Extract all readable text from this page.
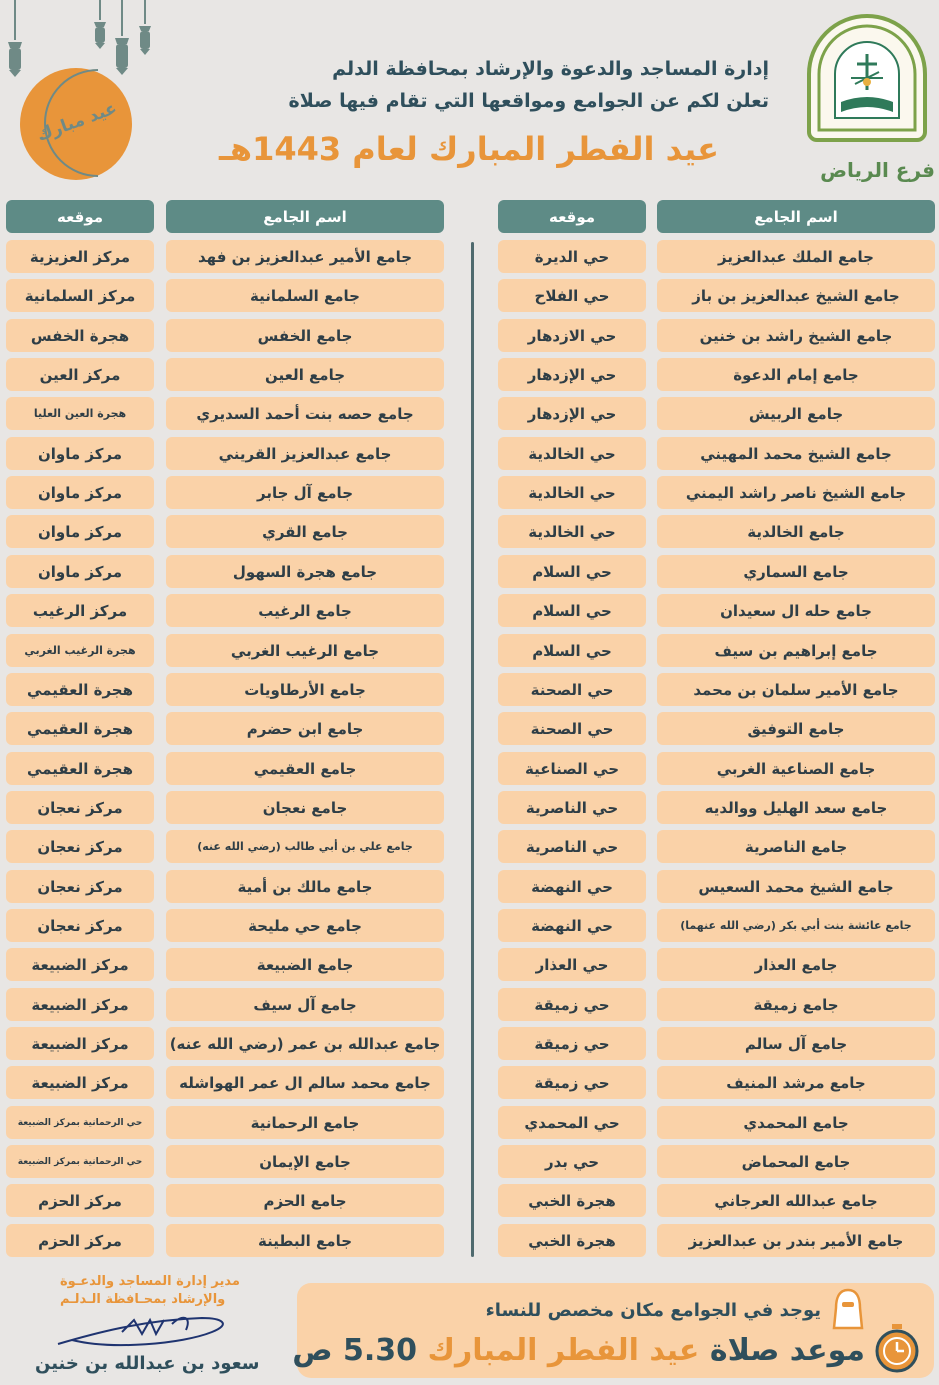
عيد مبارك
إدارة المساجد والدعوة والإرشاد بمحافظة الدلم
تعلن لكم عن الجوامع ومواقعها التي تقام فيها صلاة
عيد الفطر المبارك لعام 1443هـ
فرع الرياض
موقعه	اسم الجامع	موقعه	اسم الجامع
مركز العزيزية	جامع الأمير عبدالعزيز بن فهد
مركز السلمانية	جامع السلمانية
هجرة الخفس	جامع الخفس
مركز العين	جامع العين
هجرة العين العليا	جامع حصه بنت أحمد السديري
مركز ماوان	جامع عبدالعزيز القريني
مركز ماوان	جامع آل جابر
مركز ماوان	جامع القري
مركز ماوان	جامع هجرة السهول
مركز الرغيب	جامع الرغيب
هجرة الرغيب الغربي	جامع الرغيب الغربي
هجرة العقيمي	جامع الأرطاويات
هجرة العقيمي	جامع ابن حضرم
هجرة العقيمي	جامع العقيمي
مركز نعجان	جامع نعجان
مركز نعجان	جامع علي بن أبي طالب (رضي الله عنه)
مركز نعجان	جامع مالك بن أمية
مركز نعجان	جامع حي مليحة
مركز الضبيعة	جامع الضبيعة
مركز الضبيعة	جامع آل سيف
مركز الضبيعة	جامع عبدالله بن عمر (رضي الله عنه)
مركز الضبيعة	جامع محمد سالم ال عمر الهواشله
حي الرحمانية بمركز الضبيعة	جامع الرحمانية
حي الرحمانية بمركز الضبيعة	جامع الإيمان
مركز الحزم	جامع الحزم
مركز الحزم	جامع البطينة
حي الديرة	جامع الملك عبدالعزيز
حي الفلاح	جامع الشيخ عبدالعزيز بن باز
حي الازدهار	جامع الشيخ راشد بن خنين
حي الإزدهار	جامع إمام الدعوة
حي الإزدهار	جامع الربيش
حي الخالدية	جامع الشيخ محمد المهيني
حي الخالدية	جامع الشيخ ناصر راشد اليمني
حي الخالدية	جامع الخالدية
حي السلام	جامع السماري
حي السلام	جامع حله ال سعيدان
حي السلام	جامع إبراهيم بن سيف
حي الصحنة	جامع الأمير سلمان بن محمد
حي الصحنة	جامع التوفيق
حي الصناعية	جامع الصناعية الغربي
حي الناصرية	جامع سعد الهليل ووالديه
حي الناصرية	جامع الناصرية
حي النهضة	جامع الشيخ محمد السعيس
حي النهضة	جامع عائشة بنت أبي بكر (رضي الله عنهما)
حي العذار	جامع العذار
حي زميقة	جامع زميقة
حي زميقة	جامع آل سالم
حي زميقة	جامع مرشد المنيف
حي المحمدي	جامع المحمدي
حي بدر	جامع المحماض
هجرة الخبي	جامع عبدالله العرجاني
هجرة الخبي	جامع الأمير بندر بن عبدالعزيز
يوجد في الجوامع مكان مخصص للنساء
موعد صلاة عيد الفطر المبارك 5.30 ص
مدير إدارة المساجد والدعـوة
والإرشاد بمحـافظة الـدلـم
سعود بن عبدالله بن خنين
